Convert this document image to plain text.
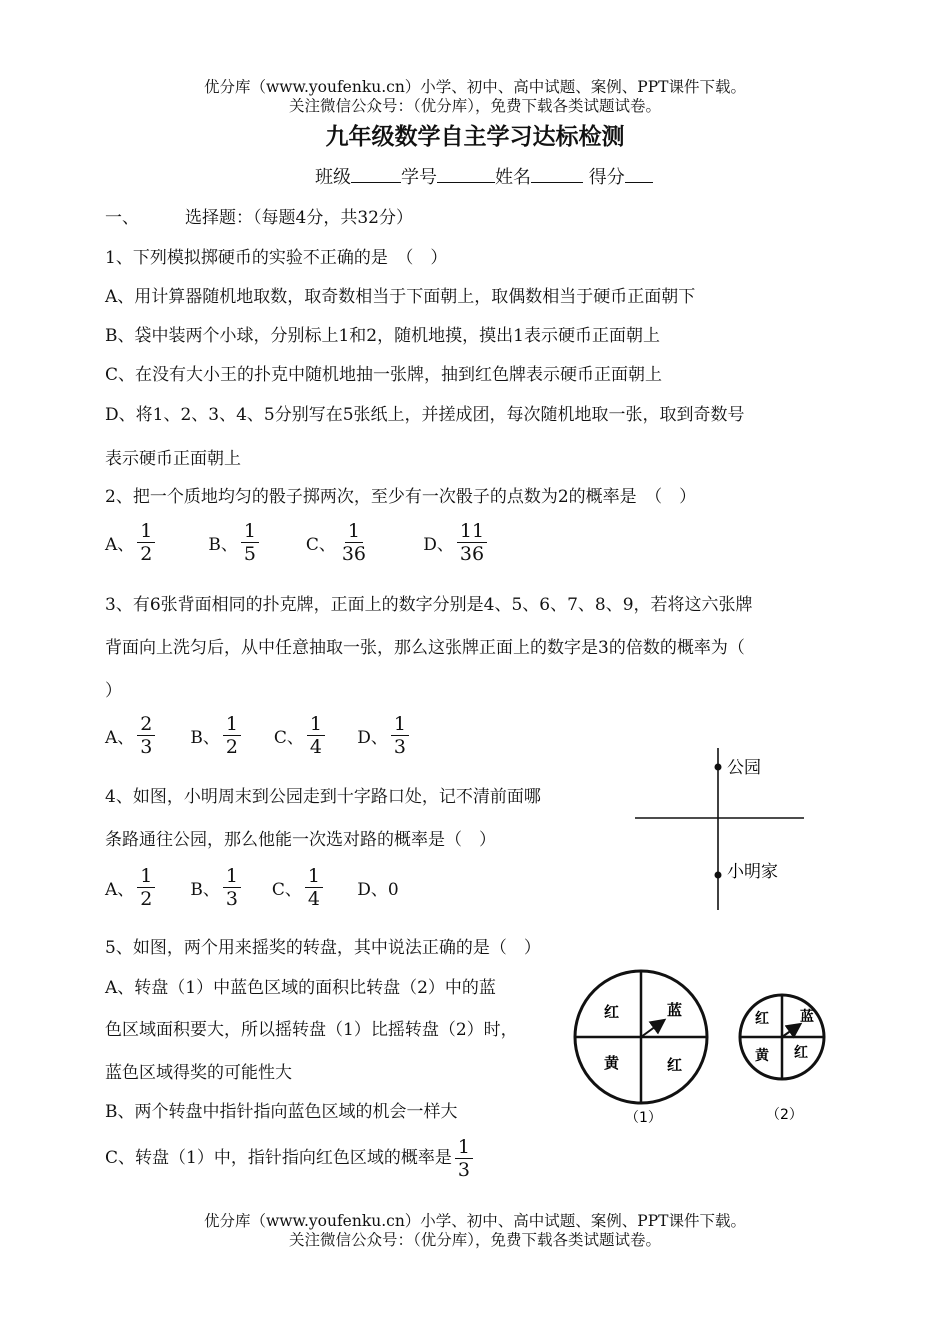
优分库（www.youfenku.cn）小学、初中、高中试题、案例、PPT课件下载。
关注微信公众号：（优分库），免费下载各类试题试卷。
九年级数学自主学习达标检测
班级	学号	姓名	得分
一、	选择题：（每题4分，共32分）
1、下列模拟掷硬币的实验不正确的是　（　）
A、用计算器随机地取数，取奇数相当于下面朝上，取偶数相当于硬币正面朝下
B、袋中装两个小球，分别标上1和2，随机地摸，摸出1表示硬币正面朝上
C、在没有大小王的扑克中随机地抽一张牌，抽到红色牌表示硬币正面朝上
D、将1、2、3、4、5分别写在5张纸上，并搓成团，每次随机地取一张，取到奇数号
表示硬币正面朝上
2、把一个质地均匀的骰子掷两次，至少有一次骰子的点数为2的概率是　（　）
A、 $\frac{1}{2}$
	B、 $\frac{1}{5}$
	C、 $\frac{1}{36}$
	D、 $\frac{11}{36}$
3、有6张背面相同的扑克牌，正面上的数字分别是4、5、6、7、8、9，若将这六张牌
背面向上洗匀后，从中任意抽取一张，那么这张牌正面上的数字是3的倍数的概率为（
）
A、 $\frac{2}{3}$
B、 $\frac{1}{2}$
C、 $\frac{1}{4}$
D、 $\frac{1}{3}$
4、如图，小明周末到公园走到十字路口处，记不清前面哪
条路通往公园，那么他能一次选对路的概率是（　）
A、 $\frac{1}{2}$
B、 $\frac{1}{3}$
C、 $\frac{1}{4}$ D、0
公园
小明家
5、如图，两个用来摇奖的转盘，其中说法正确的是（　）
A、转盘（1）中蓝色区域的面积比转盘（2）中的蓝
色区域面积要大，所以摇转盘（1）比摇转盘（2）时，
蓝色区域得奖的可能性大
B、两个转盘中指针指向蓝色区域的机会一样大
C、转盘（1）中，指针指向红色区域的概率是 $\frac{1}{3}$
红	蓝
黄	红
（1）
红 蓝
黄 红
（2）
优分库（www.youfenku.cn）小学、初中、高中试题、案例、PPT课件下载。
关注微信公众号：（优分库），免费下载各类试题试卷。
